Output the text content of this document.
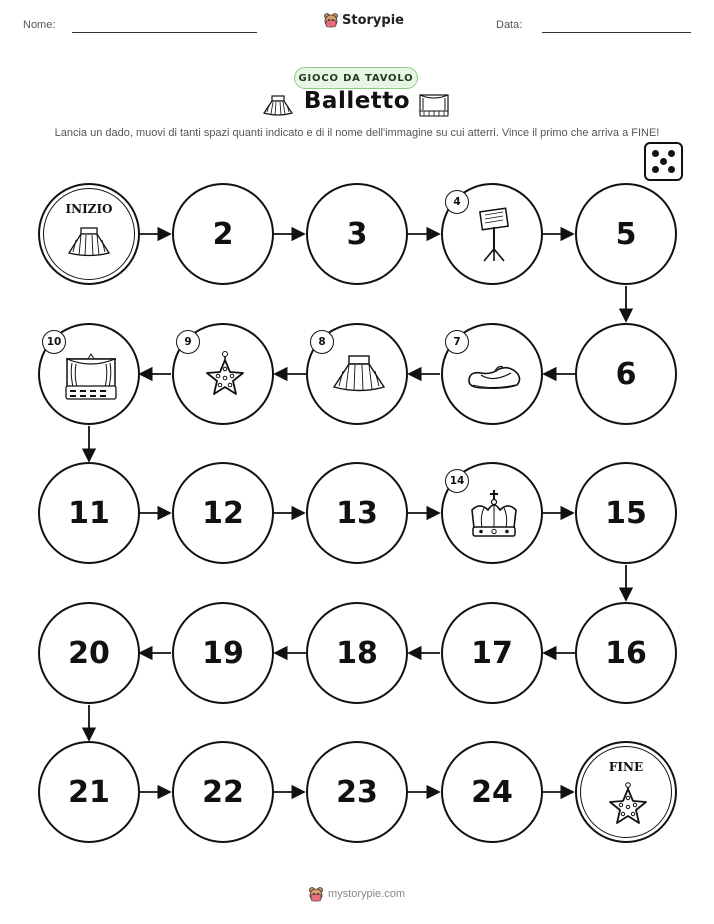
Nome:	Storypie	Data:
GIOCO DA TAVOLO
Balletto
Lancia un dado, muovi di tanti spazi quanti indicato e di il nome dell'immagine su cui atterri. Vince il primo che arriva a FINE!
INIZIO
2	3
4
5
10	9	8	7
6
11	12	13
14
15
20	19	18	17	16
21	22	23	24
FINE
mystorypie.com
